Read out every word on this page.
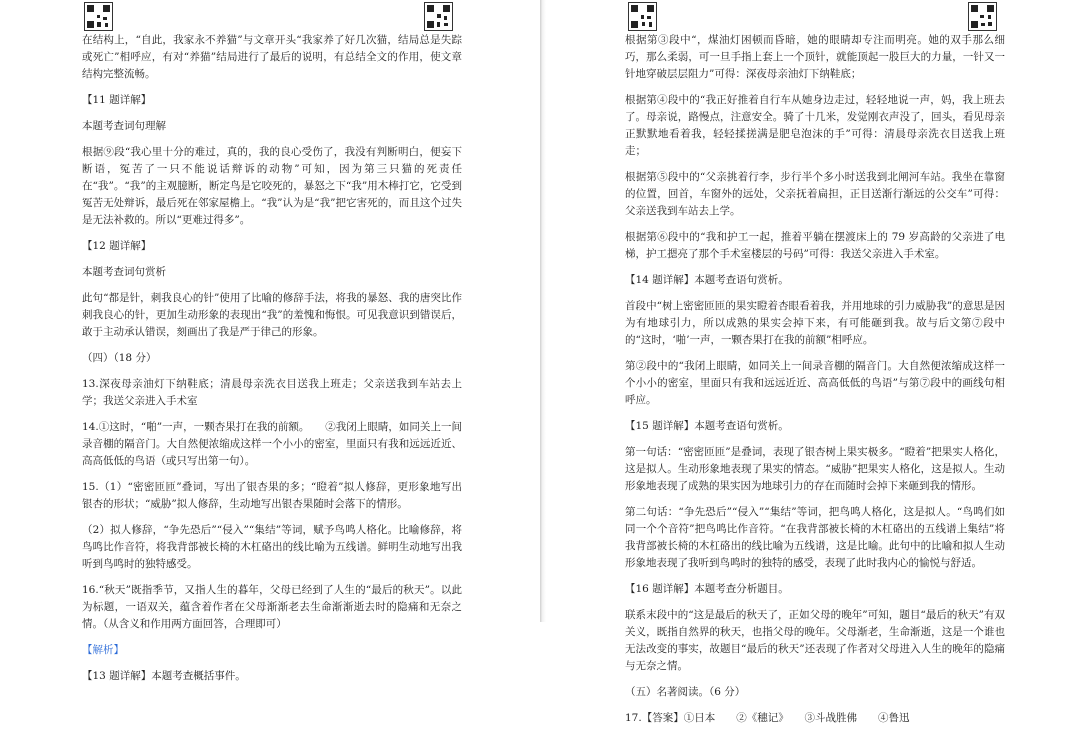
在结构上，“自此，我家永不养猫”与文章开头“我家养了好几次猫，结局总是失踪或死亡”相呼应，有对“养猫”结局进行了最后的说明，有总结全文的作用，使文章结构完整流畅。

【11 题详解】

本题考查词句理解

根据⑨段“我心里十分的难过，真的，我的良心受伤了，我没有判断明白，便妄下断语，冤苦了一只不能说话辩诉的动物”可知，因为第三只猫的死责任在“我”。“我”的主观臆断，断定鸟是它咬死的，暴怒之下“我”用木棒打它，它受到冤苦无处辩诉，最后死在邻家屋檐上。“我”认为是“我”把它害死的，而且这个过失是无法补救的。所以“更难过得多”。

【12 题详解】

本题考查词句赏析

此句“都是针，刺我良心的针”使用了比喻的修辞手法，将我的暴怒、我的唐突比作刺我良心的针，更加生动形象的表现出“我”的羞愧和悔恨。可见我意识到错误后，敢于主动承认错误，刻画出了我是严于律己的形象。

（四）（18 分）

13.深夜母亲油灯下纳鞋底；清晨母亲洗衣目送我上班走；父亲送我到车站去上学；我送父亲进入手术室

14.①这时，“啪”一声，一颗杏果打在我的前额。　　②我闭上眼睛，如同关上一间录音棚的隔音门。大自然便浓缩成这样一个小小的密室，里面只有我和远远近近、高高低低的鸟语（或只写出第一句）。

15.（1）“密密匝匝”叠词，写出了银杏果的多；“瞪着”拟人修辞，更形象地写出银杏的形状；“威胁”拟人修辞，生动地写出银杏果随时会落下的情形。

（2）拟人修辞，“争先恐后”“侵入”“集结”等词，赋予鸟鸣人格化。比喻修辞，将鸟鸣比作音符，将我背部被长椅的木杠硌出的线比喻为五线谱。鲜明生动地写出我听到鸟鸣时的独特感受。

16.“秋天”既指季节，又指人生的暮年，父母已经到了人生的“最后的秋天”。以此为标题，一语双关，蕴含着作者在父母渐渐老去生命渐渐逝去时的隐痛和无奈之情。（从含义和作用两方面回答，合理即可）

【解析】

【13 题详解】本题考查概括事件。

根据第③段中“，煤油灯困顿而昏暗，她的眼睛却专注而明亮。她的双手那么细巧，那么柔弱，可一旦手指上套上一个顶针，就能顶起一股巨大的力量，一针又一针地穿破层层阻力”可得：深夜母亲油灯下纳鞋底；

根据第④段中的“我正好推着自行车从她身边走过，轻轻地说一声，妈，我上班去了。母亲说，路慢点，注意安全。骑了十几米，发觉刚衣声没了，回头，看见母亲正默默地看着我，轻轻揉搓满是肥皂泡沫的手”可得：清晨母亲洗衣目送我上班走；

根据第⑤段中的“父亲挑着行李，步行半个多小时送我到北闸河车站。我坐在靠窗的位置，回首，车窗外的远处，父亲抚着扁担，正目送渐行渐远的公交车”可得：父亲送我到车站去上学。

根据第⑥段中的“我和护工一起，推着平躺在摆渡床上的 79 岁高龄的父亲进了电梯，护工摁亮了那个手术室楼层的号码”可得：我送父亲进入手术室。

【14 题详解】本题考查语句赏析。

首段中“树上密密匝匝的果实瞪着杏眼看着我，并用地球的引力威胁我”的意思是因为有地球引力，所以成熟的果实会掉下来，有可能砸到我。故与后文第⑦段中的“这时，‘啪’一声，一颗杏果打在我的前额”相呼应。

第②段中的“我闭上眼睛，如同关上一间录音棚的隔音门。大自然便浓缩成这样一个小小的密室，里面只有我和远远近近、高高低低的鸟语”与第⑦段中的画线句相呼应。

【15 题详解】本题考查语句赏析。

第一句话：“密密匝匝”是叠词，表现了银杏树上果实极多。“瞪着”把果实人格化，这是拟人。生动形象地表现了果实的情态。“威胁”把果实人格化，这是拟人。生动形象地表现了成熟的果实因为地球引力的存在而随时会掉下来砸到我的情形。

第二句话：“争先恐后”“侵入”“集结”等词，把鸟鸣人格化，这是拟人。“鸟鸣们如同一个个音符”把鸟鸣比作音符。“在我背部被长椅的木杠硌出的五线谱上集结”将我背部被长椅的木杠硌出的线比喻为五线谱，这是比喻。此句中的比喻和拟人生动形象地表现了我听到鸟鸣时的独特的感受，表现了此时我内心的愉悦与舒适。

【16 题详解】本题考查分析题目。

联系末段中的“这是最后的秋天了，正如父母的晚年”可知，题目“最后的秋天”有双关义，既指自然界的秋天，也指父母的晚年。父母渐老，生命渐逝，这是一个谁也无法改变的事实，故题目“最后的秋天”还表现了作者对父母进入人生的晚年的隐痛与无奈之情。

（五）名著阅读。（6 分）

17.【答案】①日本　　②《穗记》　　③斗战胜佛　　④鲁迅
